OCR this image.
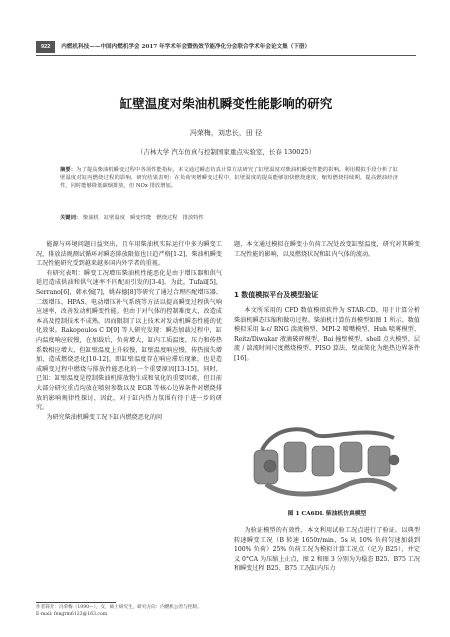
922 内燃机科技——中国内燃机学会 2017 年学术年会暨热效节能净化分会联合学术年会论文集（下册）
缸壁温度对柴油机瞬变性能影响的研究
冯荣梅，刘忠长，田 径
（吉林大学 汽车仿真与控制国家重点实验室，长春 130025）
摘要：为了提高柴油机瞬变过程中各项性能指标，本文通过瞬态仿真计算方法研究了缸壁温度对柴油机瞬变性能的影响。利用模拟手段分析了缸壁温度对缸内燃烧过程的影响，研究结果表明：在负荷突增瞬变过程中，缸壁温度的提高能够加快燃烧速度，缩短燃烧持续期，提高燃油经济性，同时能够降低碳烟排放，但 NOx 排放增加。
关键词： 柴油机 缸壁温度 瞬变性能 燃烧过程 排放特性

能源与环境问题日益突出，且车用柴油机实际运行中多为瞬变工况，排放法规测试循环对瞬态排放限值也日趋严格[1-2]，柴油机瞬变工况性能研究受到越来越多国内外学者的重视。

有研究表明：瞬变工况增压柴油机性能恶化是由于增压器和供气延迟造成供油和供气速率不匹配而引发的[3-4]。为此，Tufail[5]，Serrano[6]，韩永强[7]，姚春德[8]等研究了通过合理匹配增压器、二级增压、HPAS、电动增压补气系统等方法以提高瞬变过程供气响应速率，改善发动机瞬变性能。但由于对气体的控制难度大，改造成本高及控制技术不成熟，因而限制了以上技术对发动机瞬态性能的优化效果。Rakopoulos C D[9] 等人研究发现：瞬态加载过程中，缸内温度响应较慢，在加载后，负荷增大，缸内工质温度、压力和传热系数相应增大，但缸壁温度上升较慢，缸壁温度响应慢，传热损失增加，造成燃烧恶化[10-12]。即缸壁温度存在响应滞后现象，也是造成瞬变过程中燃烧与排放性能恶化的一个重要原因[13-15]。同时，已知：缸壁温度是控制柴油机排放物生成和氧化的重要因素，但目前大部分研究重点均放在喷射参数以及 EGR 等核心边界条件对燃烧排放的影响规律性探讨，因此，对于缸内热力氛围有待于进一步的研究。

为研究柴油机瞬变工况下缸内燃烧恶化的问

题，本文通过模拟在瞬变小负荷工况处改变缸壁温度，研究对其瞬变工况性能的影响，以及燃烧状况和缸内气体的流动。

1 数值模拟平台及模型验证

本文所采用的 CFD 数值模拟软件为 STAR-CD，用于计算分析柴油机瞬态压缩和做功过程。柴油机计算仿真模型如图 1 所示。数值模拟采用 k-ε/ RNG 湍流模型、MPI-2 喷嘴模型、Huh 喷雾模型、Reitz/Diwakar 液滴破碎模型、Bai 撞壁模型、shell 点火模型、层流 / 湍流时间尺度燃烧模型、PISO 算法，壁面简化为绝热边界条件[16]。

图 1 CA6DL 柴油机仿真模型

为验证模型的有效性，本文利用试验工况点进行了验证。以典型转速瞬变工况（B 转速 1650r/min，5s 从 10% 负荷匀速加载到 100% 负荷）25% 负荷工况为模拟计算工况点（记为 B25），并定义 0°CA 为压缩上止点，图 2 和图 3 分别为为稳态 B25、B75 工况和瞬变过程 B25、B75 工况缸内压力

作者简介：冯荣梅（1990—），女，硕士研究生，研究方向：内燃机公害与控制。
E-mail: fengrm6123@163.com
